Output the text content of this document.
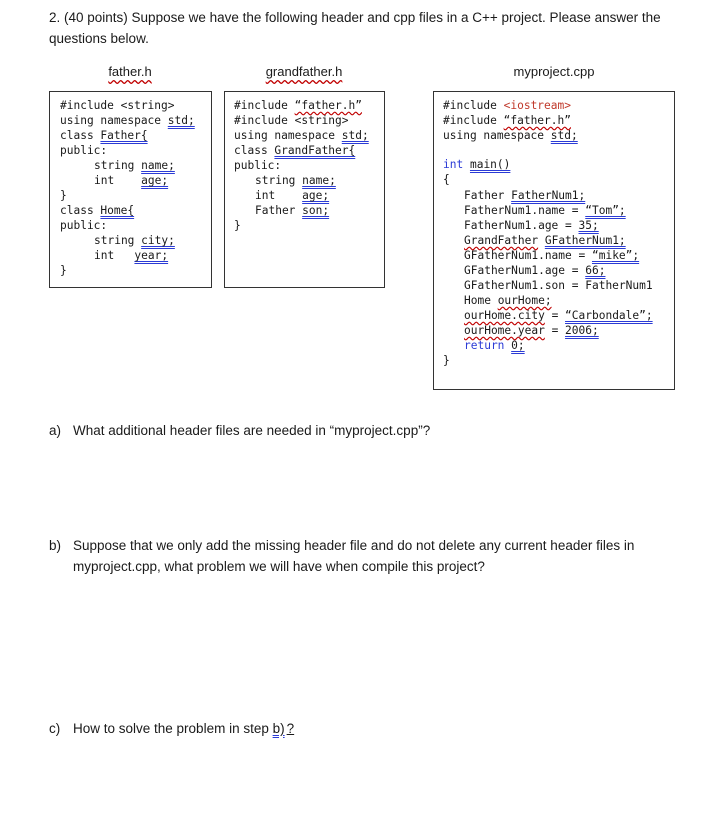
2. (40 points) Suppose we have the following header and cpp files in a C++ project. Please answer the
questions below.
father.h	grandfather.h	myproject.cpp
#include <string>
using namespace std;
class Father{
public:
string name;
int    age;
}
class Home{
public:
string city;
int   year;
}
#include “father.h”
#include <string>
using namespace std;
class GrandFather{
public:
string name;
int    age;
Father son;
}
#include <iostream>
#include “father.h”
using namespace std;
int main()
{
Father FatherNum1;
FatherNum1.name = “Tom”;
FatherNum1.age = 35;
GrandFather GFatherNum1;
GFatherNum1.name = “mike”;
GFatherNum1.age = 66;
GFatherNum1.son = FatherNum1
Home ourHome;
ourHome.city = “Carbondale”;
ourHome.year = 2006;
return 0;
}
a) What additional header files are needed in “myproject.cpp”?
b) Suppose that we only add the missing header file and do not delete any current header files in
myproject.cpp, what problem we will have when compile this project?
c) How to solve the problem in step b) ?
